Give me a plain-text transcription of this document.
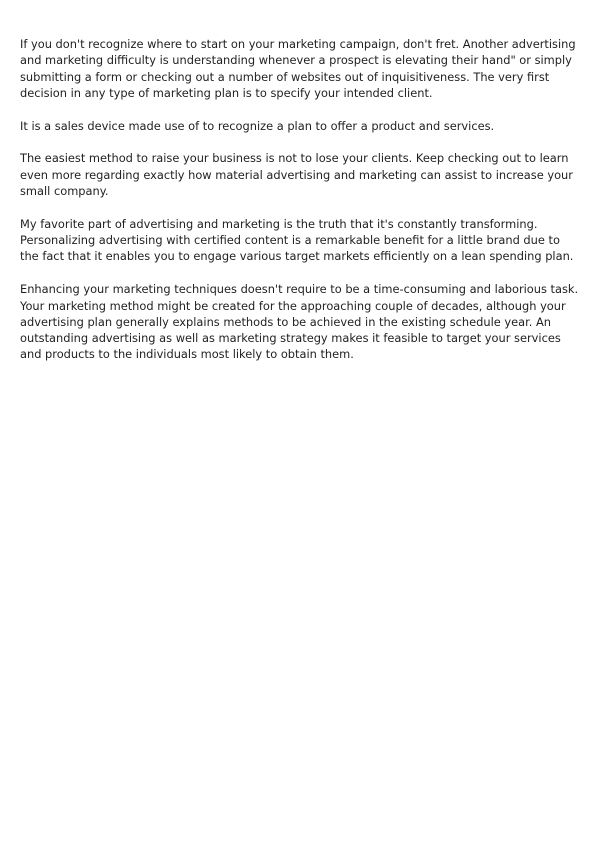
If you don't recognize where to start on your marketing campaign, don't fret. Another advertising and marketing difficulty is understanding whenever a prospect is elevating their hand" or simply submitting a form or checking out a number of websites out of inquisitiveness. The very first decision in any type of marketing plan is to specify your intended client.

It is a sales device made use of to recognize a plan to offer a product and services.

The easiest method to raise your business is not to lose your clients. Keep checking out to learn even more regarding exactly how material advertising and marketing can assist to increase your small company.

My favorite part of advertising and marketing is the truth that it's constantly transforming. Personalizing advertising with certified content is a remarkable benefit for a little brand due to the fact that it enables you to engage various target markets efficiently on a lean spending plan.

Enhancing your marketing techniques doesn't require to be a time-consuming and laborious task. Your marketing method might be created for the approaching couple of decades, although your advertising plan generally explains methods to be achieved in the existing schedule year. An outstanding advertising as well as marketing strategy makes it feasible to target your services and products to the individuals most likely to obtain them.
